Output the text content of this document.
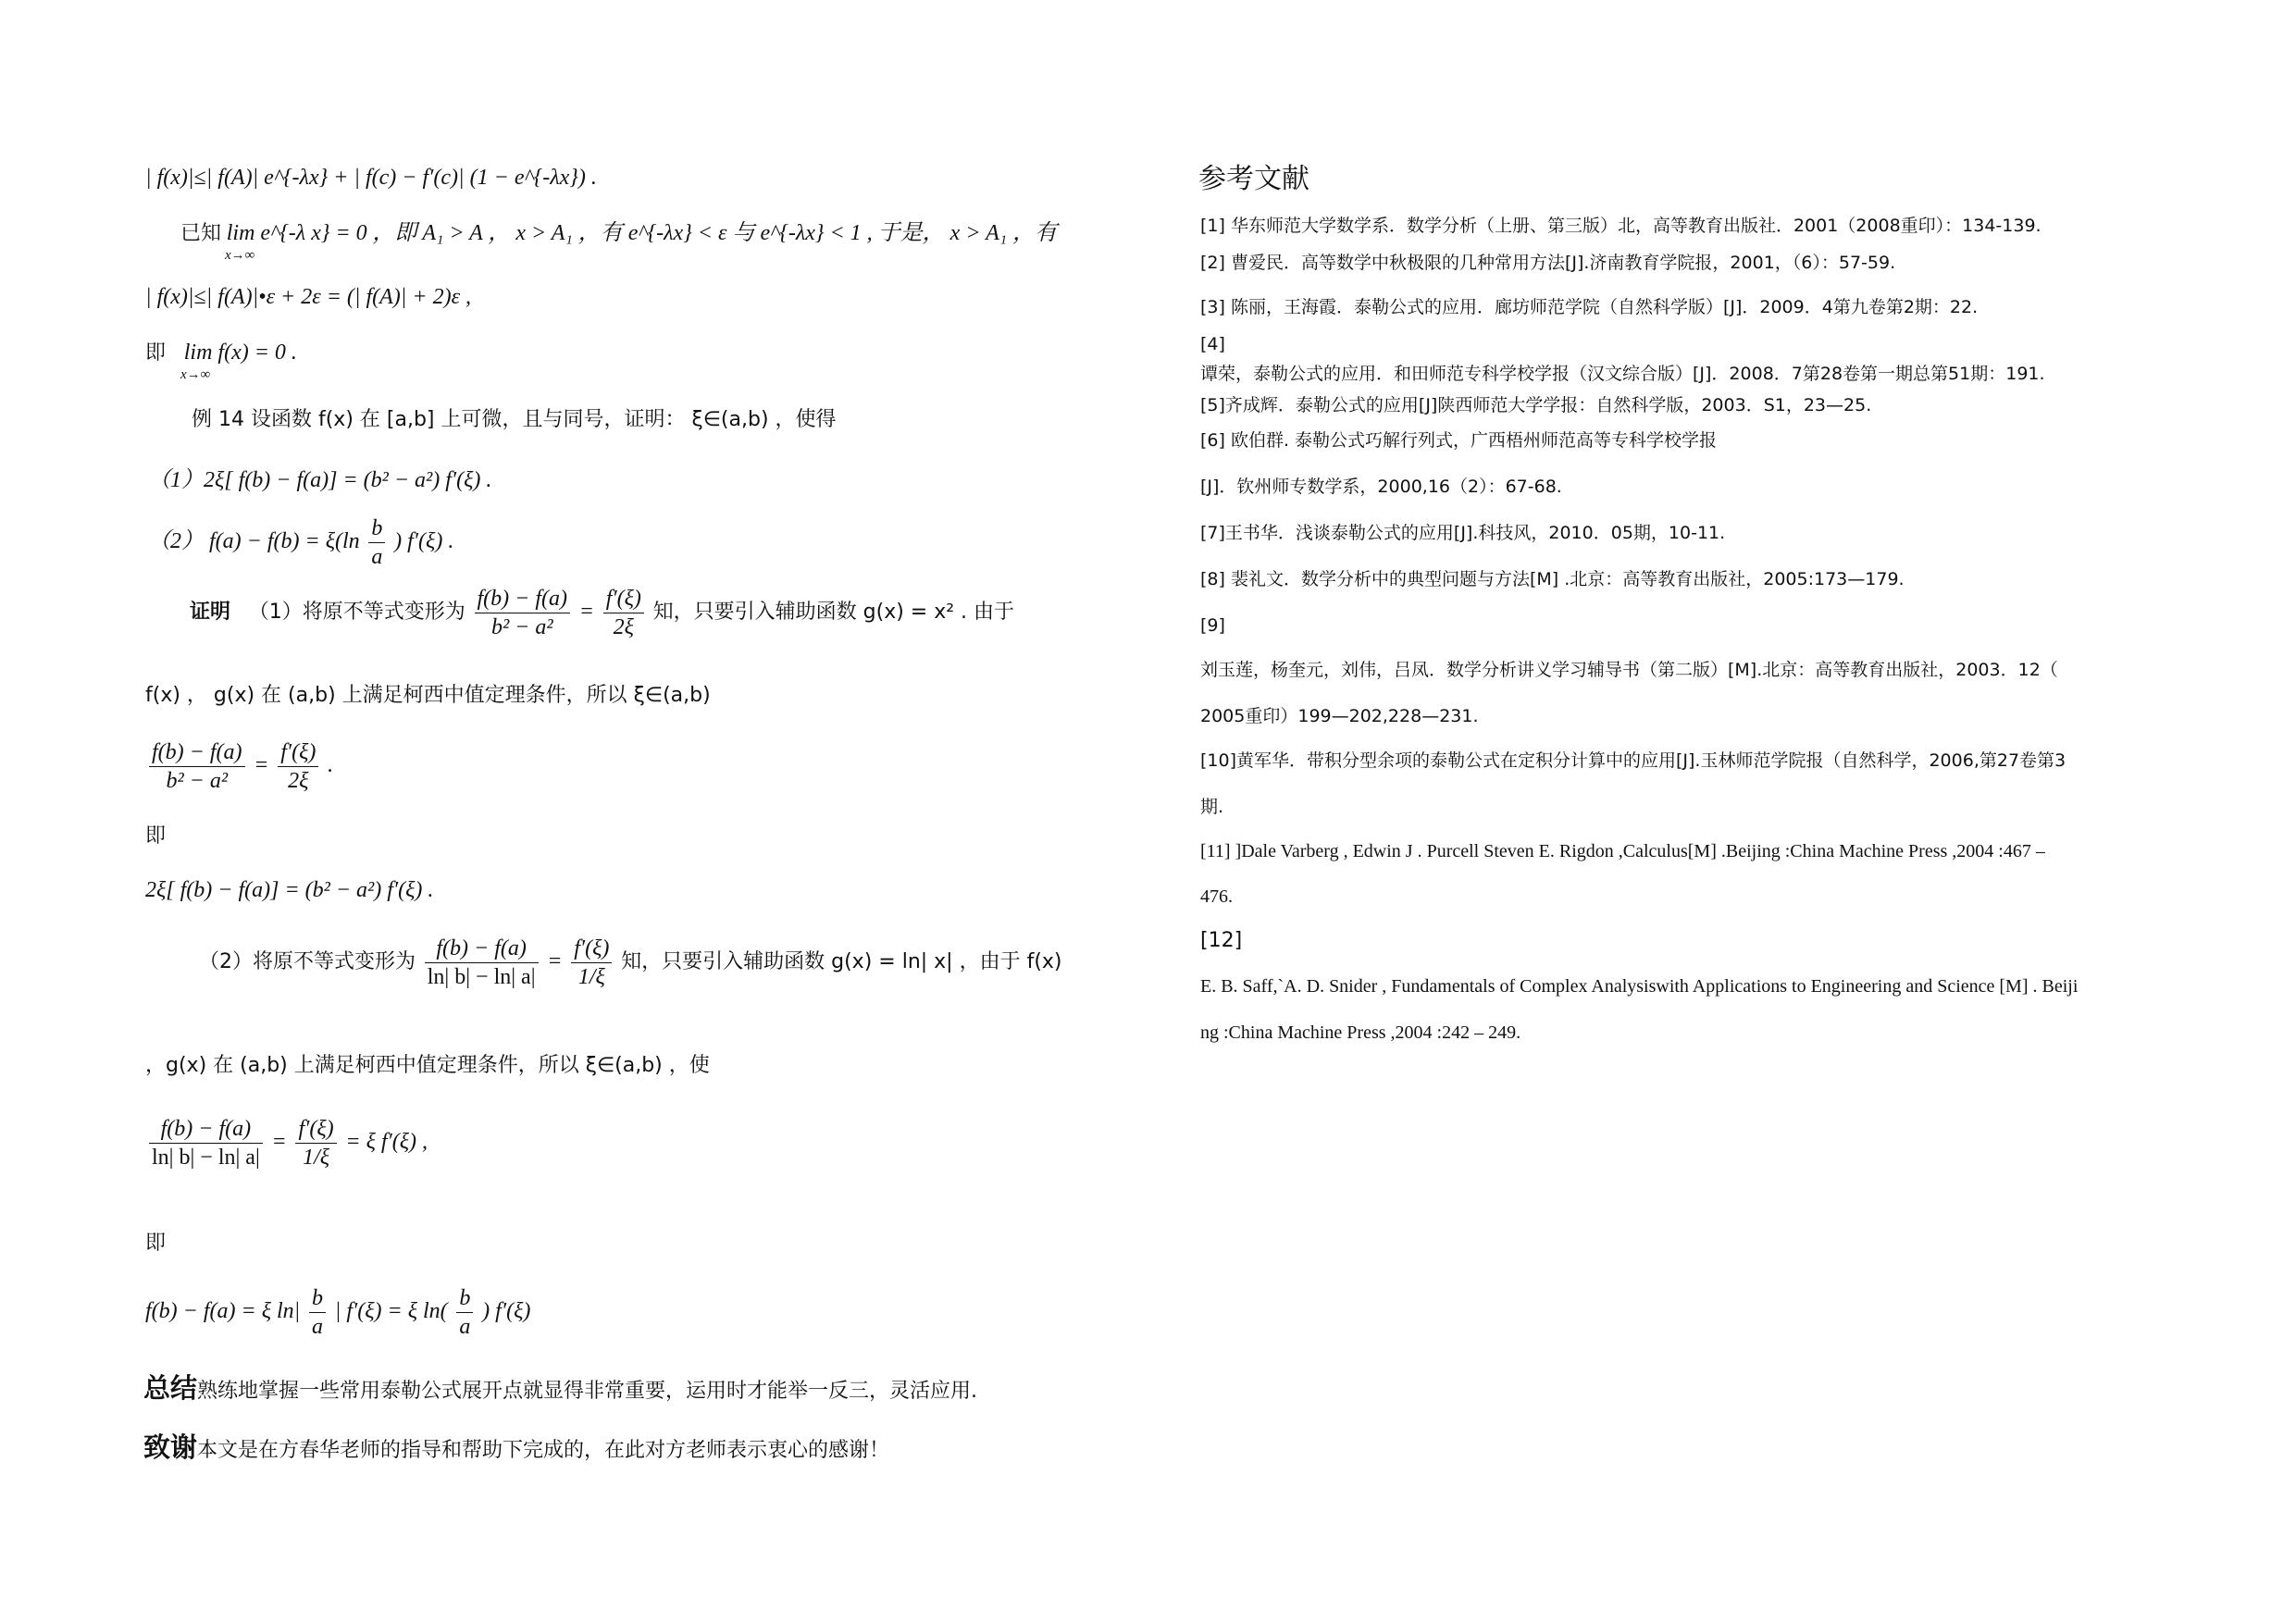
| f(x)|≤| f(A)| e^{-λx} + | f(c) − f′(c)| (1 − e^{-λx}) .
已知 lim e^{-λ x} = 0 ，即 A₁ > A ， x > A₁ ，有 e^{-λx} < ε 与 e^{-λx} < 1 , 于是， x > A₁ ，有
x→∞
| f(x)|≤| f(A)|•ε + 2ε = (| f(A)| + 2)ε ,
即 lim f(x) = 0 .
x→∞
例 14 设函数 f(x) 在 [a,b] 上可微，且与同号，证明： ξ∈(a,b) ，使得
（1）2ξ[ f(b) − f(a)] = (b² − a²) f′(ξ) .
（2） $f(a) - f(b) = \xi(\ln \frac{b}{a}$ ) f′(ξ) .
证明 （1）将原不等式变形为 $\frac{f(b) - f(a)}{\text{b² − a²}} = \frac{f'(\xi)}{2\xi}$ 知，只要引入辅助函数 g(x) = x² . 由于
f(x) ， g(x) 在 (a,b) 上满足柯西中值定理条件，所以 ξ∈(a,b)
$\frac{f(b) - f(a)}{\text{b² − a²}} = \frac{f'(\xi)}{2\xi}$ .
即
2ξ[ f(b) − f(a)] = (b² − a²) f′(ξ) .
（2）将原不等式变形为 $\frac{f(b) - f(a)}{\ln| b| - \ln| a|} = \frac{f'(\xi)}{1/\xi}$ 知，只要引入辅助函数 g(x) = ln| x| ，由于 f(x)
，g(x) 在 (a,b) 上满足柯西中值定理条件，所以 ξ∈(a,b) ，使
$\frac{f(b) - f(a)}{\ln| b| - \ln| a|} = \frac{f'(\xi)}{1/\xi} = \xi$ f′(ξ) ,
即
f(b) − f(a) = ξ $\ln| \frac{b}{a}$ | f′(ξ) = ξ $\ln( \frac{b}{a}$ ) f′(ξ)
总结熟练地掌握一些常用泰勒公式展开点就显得非常重要，运用时才能举一反三，灵活应用.
致谢本文是在方春华老师的指导和帮助下完成的，在此对方老师表示衷心的感谢！
参考文献
[1] 华东师范大学数学系．数学分析（上册、第三版）北，高等教育出版社．2001（2008重印）：134-139.
[2] 曹爱民．高等数学中秋极限的几种常用方法[J].济南教育学院报，2001，（6）：57-59.
[3] 陈丽，王海霞．泰勒公式的应用．廊坊师范学院（自然科学版）[J]．2009．4第九卷第2期：22.
[4]
谭荣，泰勒公式的应用．和田师范专科学校学报（汉文综合版）[J]．2008．7第28卷第一期总第51期：191.
[5]齐成辉．泰勒公式的应用[J]陕西师范大学学报：自然科学版，2003．S1，23—25.
[6] 欧伯群. 泰勒公式巧解行列式，广西梧州师范高等专科学校学报
[J]．钦州师专数学系，2000,16（2）：67-68.
[7]王书华．浅谈泰勒公式的应用[J].科技风，2010．05期，10-11.
[8] 裴礼文．数学分析中的典型问题与方法[M] .北京：高等教育出版社，2005:173—179.
[9]
刘玉莲，杨奎元，刘伟，吕凤．数学分析讲义学习辅导书（第二版）[M].北京：高等教育出版社，2003．12（
2005重印）199—202,228—231.
[10]黄军华．带积分型余项的泰勒公式在定积分计算中的应用[J].玉林师范学院报（自然科学，2006,第27卷第3
期.
[11] ]Dale Varberg , Edwin J . Purcell Steven E. Rigdon ,Calculus[M] .Beijing :China Machine Press ,2004 :467 –
476.
[12]
E. B. Saff,`A. D. Snider , Fundamentals of Complex Analysiswith Applications to Engineering and Science [M] . Beiji
ng :China Machine Press ,2004 :242 – 249.
